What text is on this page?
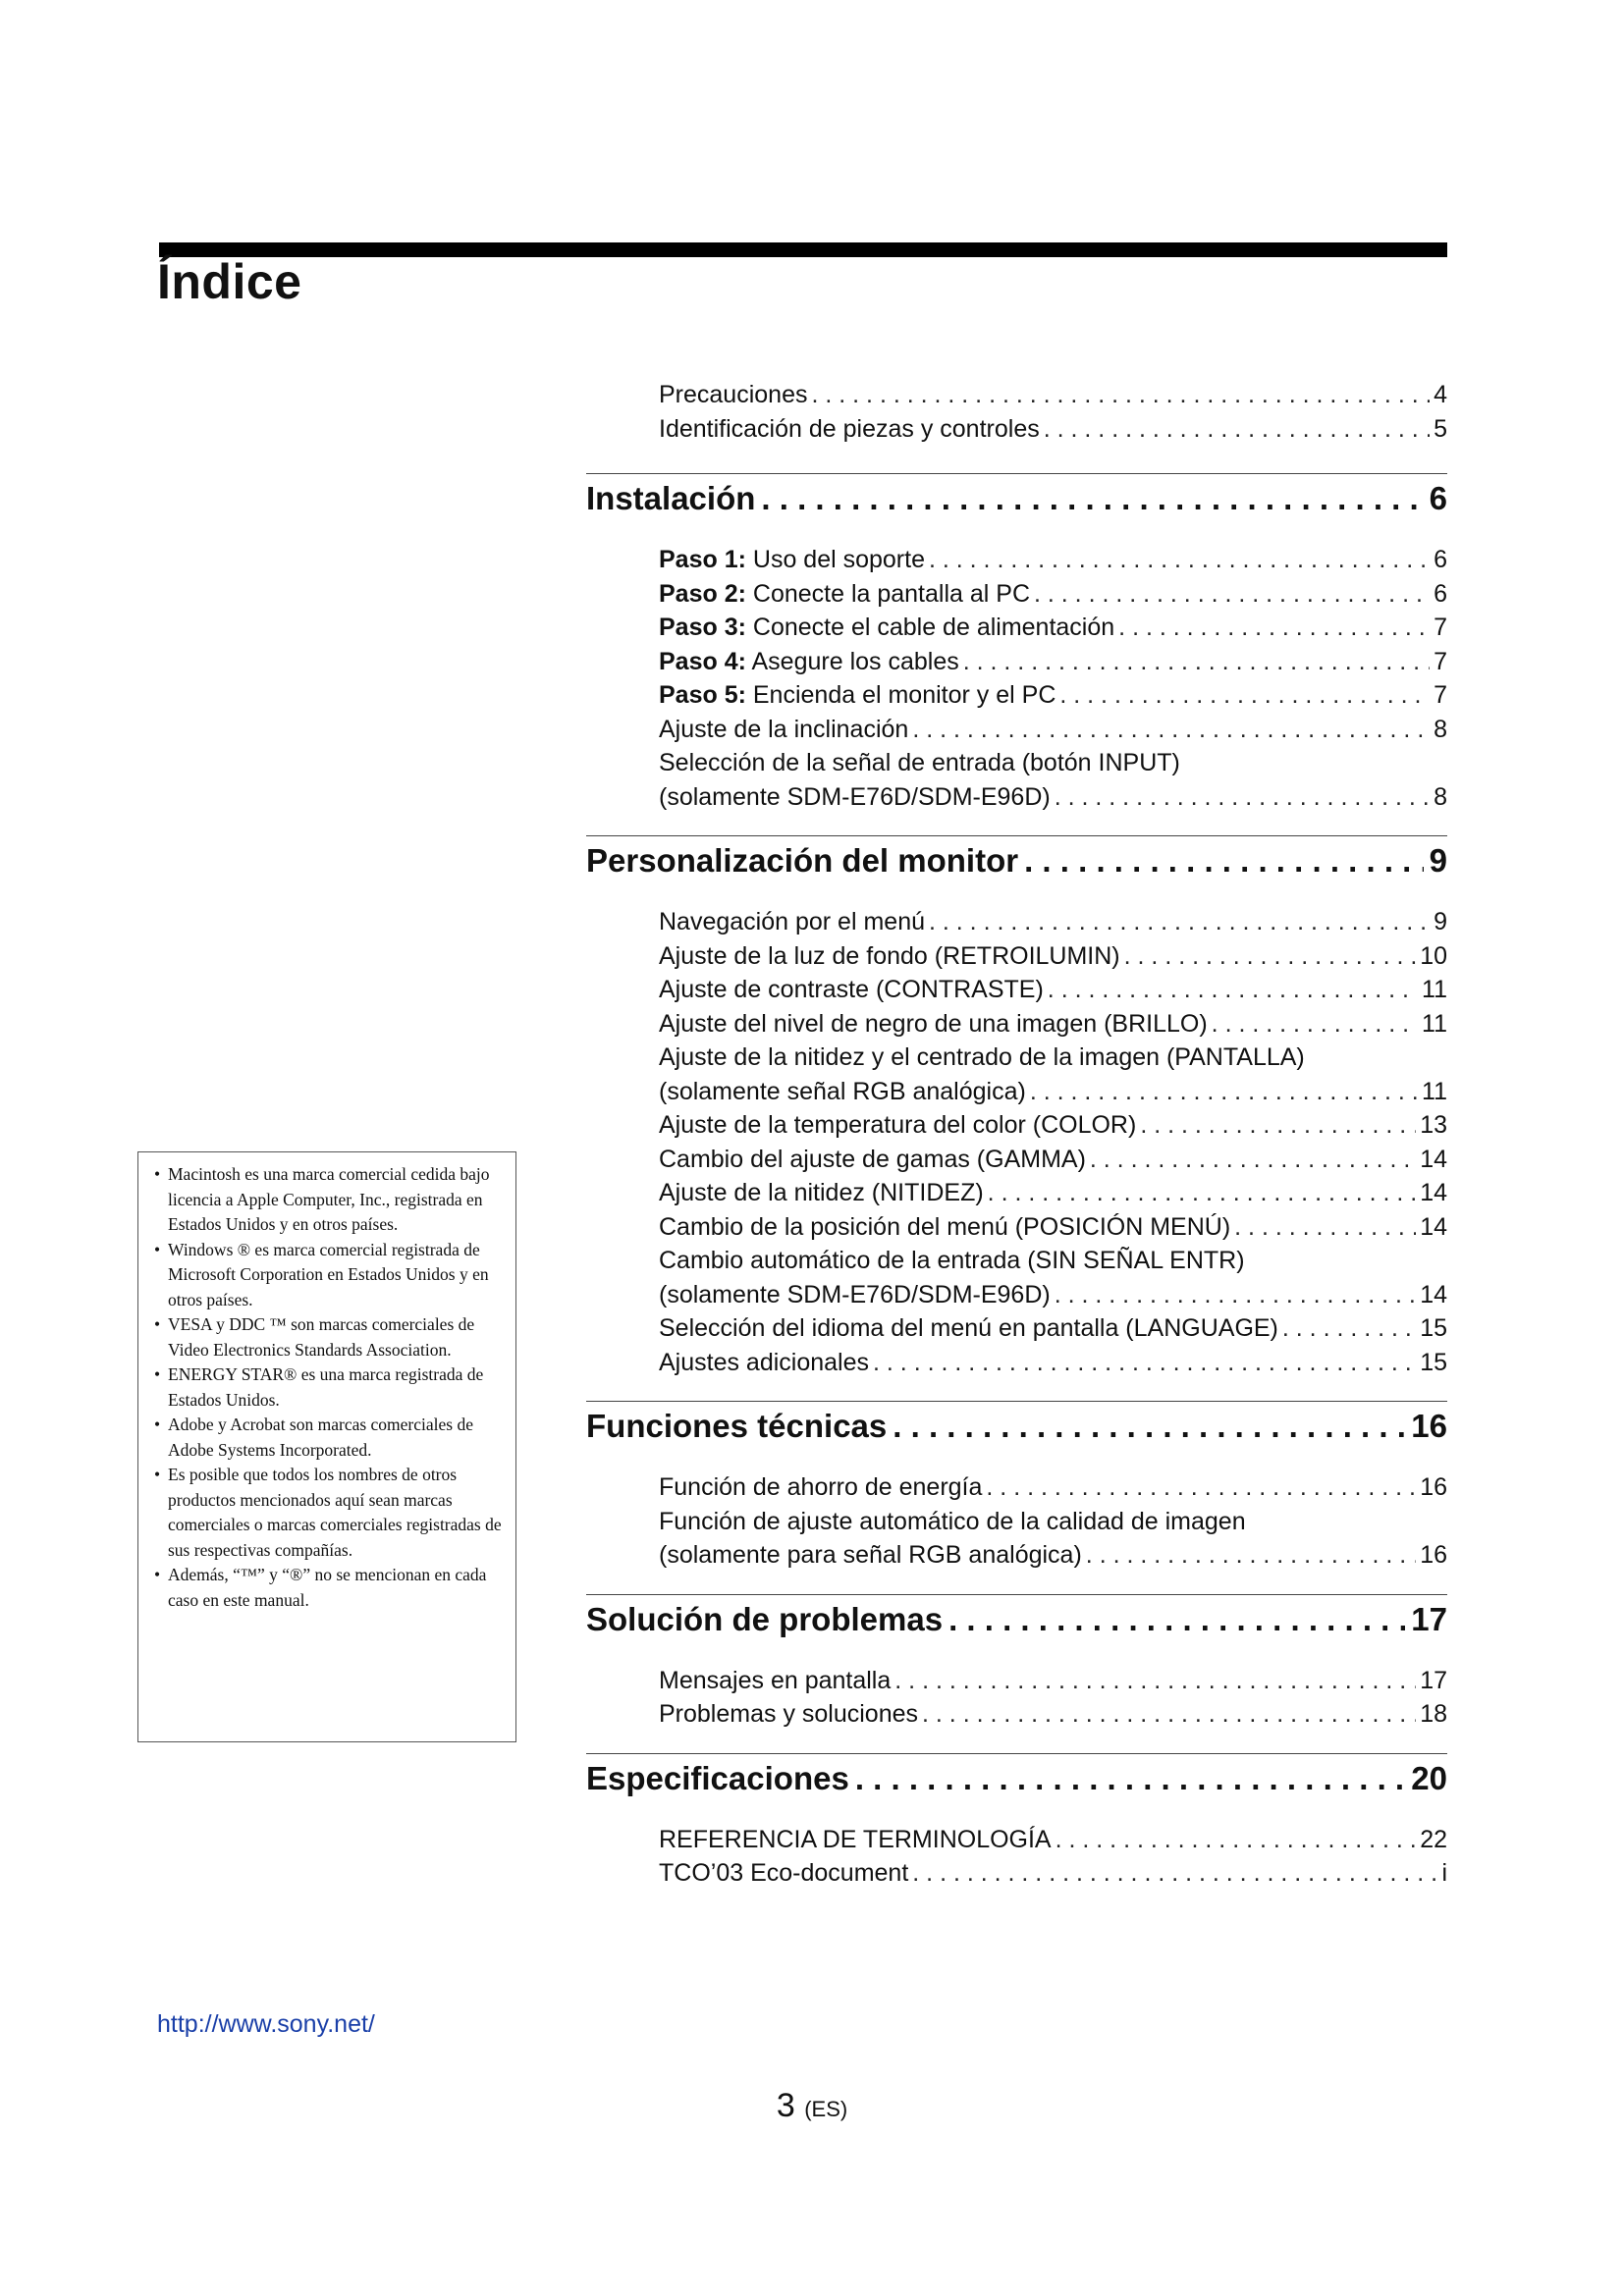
Índice
Precauciones . . .	4
Identificación de piezas y controles . . .	5
Instalación . . .	6
Paso 1: Uso del soporte . . .	6
Paso 2: Conecte la pantalla al PC . . .	6
Paso 3: Conecte el cable de alimentación . . .	7
Paso 4: Asegure los cables . . .	7
Paso 5: Encienda el monitor y el PC . . .	7
Ajuste de la inclinación . . .	8
Selección de la señal de entrada (botón INPUT)
(solamente SDM-E76D/SDM-E96D) . . .	8
Personalización del monitor . . .	9
Navegación por el menú . . .	9
Ajuste de la luz de fondo (RETROILUMIN) . . .	10
Ajuste de contraste (CONTRASTE) . . .	11
Ajuste del nivel de negro de una imagen (BRILLO) . . .	11
Ajuste de la nitidez y el centrado de la imagen (PANTALLA)
(solamente señal RGB analógica) . . .	11
Ajuste de la temperatura del color (COLOR) . . .	13
Cambio del ajuste de gamas (GAMMA) . . .	14
Ajuste de la nitidez (NITIDEZ) . . .	14
Cambio de la posición del menú (POSICIÓN MENÚ) . . .	14
Cambio automático de la entrada (SIN SEÑAL ENTR)
(solamente SDM-E76D/SDM-E96D) . . .	14
Selección del idioma del menú en pantalla (LANGUAGE) . . .	15
Ajustes adicionales . . .	15
Funciones técnicas . . .	16
Función de ahorro de energía . . .	16
Función de ajuste automático de la calidad de imagen
(solamente para señal RGB analógica) . . .	16
Solución de problemas . . .	17
Mensajes en pantalla . . .	17
Problemas y soluciones . . .	18
Especificaciones . . .	20
REFERENCIA DE TERMINOLOGÍA . . .	22
TCO’03 Eco-document . . .	i
• Macintosh es una marca comercial cedida bajo licencia a Apple Computer, Inc., registrada en Estados Unidos y en otros países.
• Windows ® es marca comercial registrada de Microsoft Corporation en Estados Unidos y en otros países.
• VESA y DDC ™ son marcas comerciales de Video Electronics Standards Association.
• ENERGY STAR® es una marca registrada de Estados Unidos.
• Adobe y Acrobat son marcas comerciales de Adobe Systems Incorporated.
• Es posible que todos los nombres de otros productos mencionados aquí sean marcas comerciales o marcas comerciales registradas de sus respectivas compañías.
• Además, “™” y “®” no se mencionan en cada caso en este manual.
http://www.sony.net/
3 (ES)
